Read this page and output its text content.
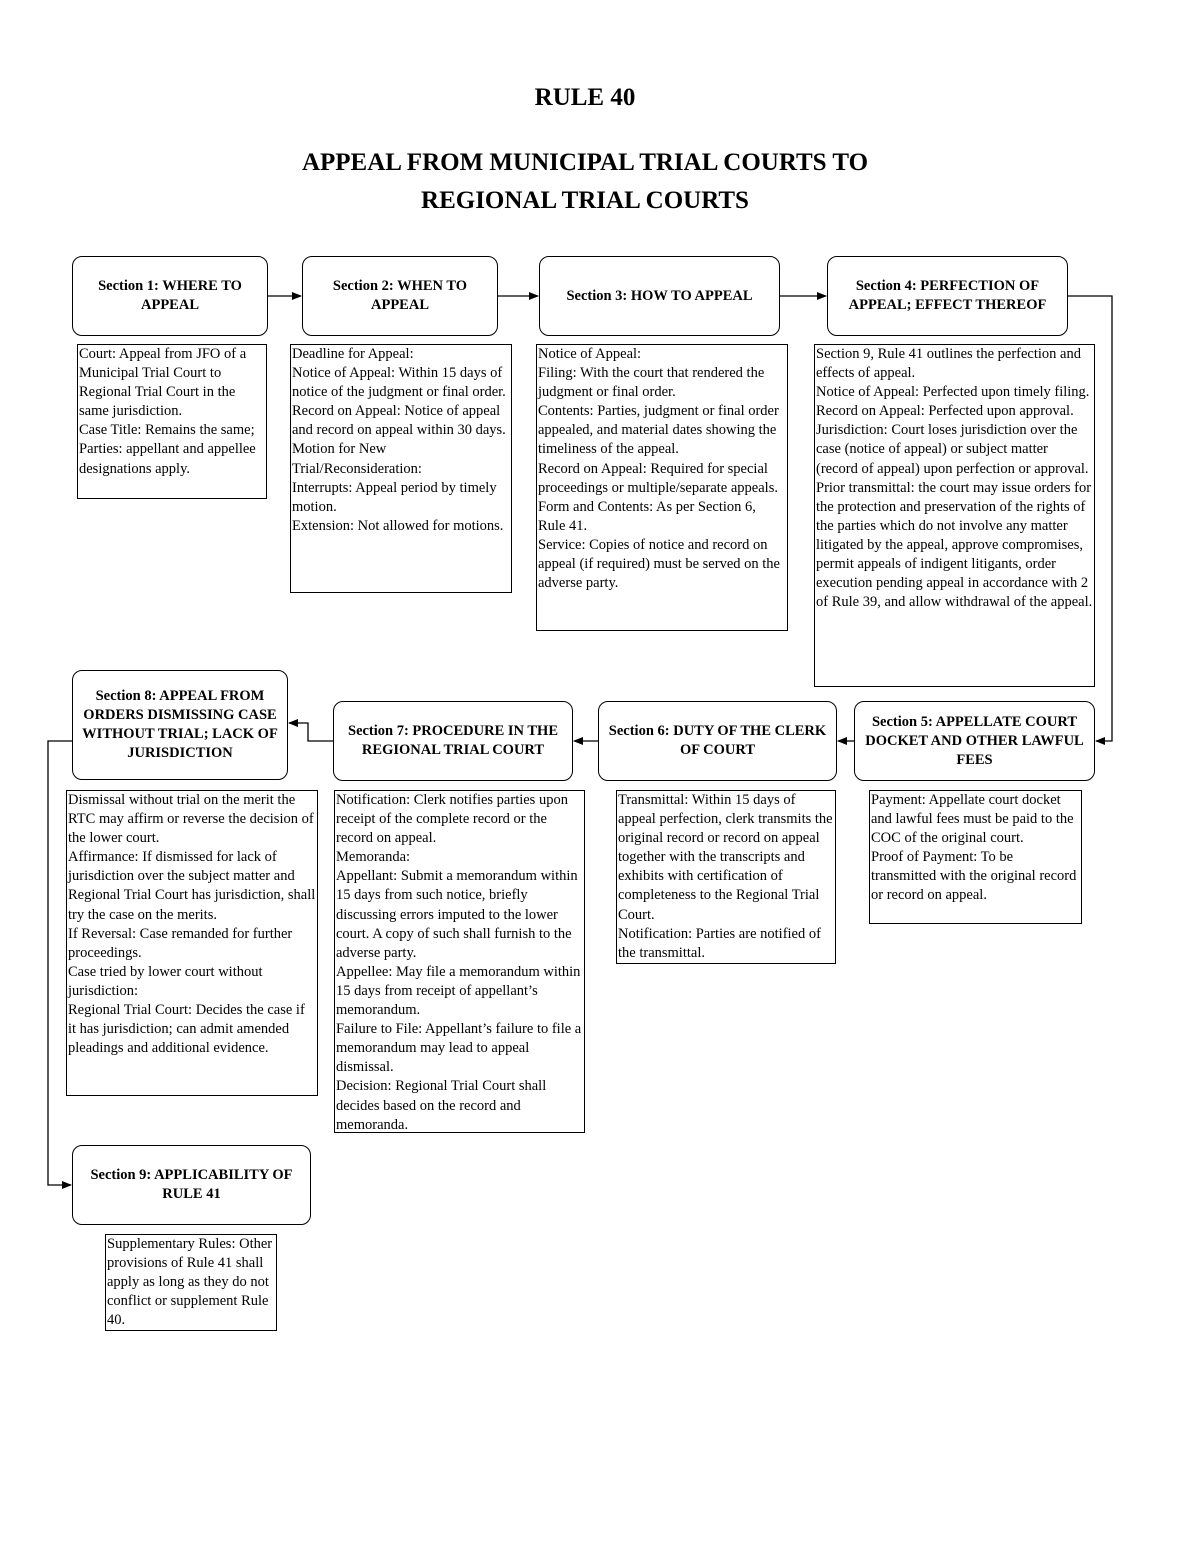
RULE 40
APPEAL FROM MUNICIPAL TRIAL COURTS TO
REGIONAL TRIAL COURTS
Section 1: WHERE TO APPEAL
Court: Appeal from JFO of a Municipal Trial Court to Regional Trial Court in the same jurisdiction.
Case Title: Remains the same;
Parties: appellant and appellee designations apply.
Section 2: WHEN TO APPEAL
Deadline for Appeal:
Notice of Appeal: Within 15 days of notice of the judgment or final order.
Record on Appeal: Notice of appeal and record on appeal within 30 days.
Motion for New Trial/Reconsideration:
Interrupts: Appeal period by timely motion.
Extension: Not allowed for motions.
Section 3: HOW TO APPEAL
Notice of Appeal:
Filing: With the court that rendered the judgment or final order.
Contents: Parties, judgment or final order appealed, and material dates showing the timeliness of the appeal.
Record on Appeal: Required for special proceedings or multiple/separate appeals.
Form and Contents: As per Section 6, Rule 41.
Service: Copies of notice and record on appeal (if required) must be served on the adverse party.
Section 4: PERFECTION OF APPEAL; EFFECT THEREOF
Section 9, Rule 41 outlines the perfection and effects of appeal.
Notice of Appeal: Perfected upon timely filing.
Record on Appeal: Perfected upon approval.
Jurisdiction: Court loses jurisdiction over the case (notice of appeal) or subject matter (record of appeal) upon perfection or approval.
Prior transmittal: the court may issue orders for the protection and preservation of the rights of the parties which do not involve any matter litigated by the appeal, approve compromises, permit appeals of indigent litigants, order execution pending appeal in accordance with 2 of Rule 39, and allow withdrawal of the appeal.
Section 5: APPELLATE COURT DOCKET AND OTHER LAWFUL FEES
Payment: Appellate court docket and lawful fees must be paid to the COC of the original court.
Proof of Payment: To be transmitted with the original record or record on appeal.
Section 6: DUTY OF THE CLERK OF COURT
Transmittal: Within 15 days of appeal perfection, clerk transmits the original record or record on appeal together with the transcripts and exhibits with certification of completeness to the Regional Trial Court.
Notification: Parties are notified of the transmittal.
Section 7: PROCEDURE IN THE REGIONAL TRIAL COURT
Notification: Clerk notifies parties upon receipt of the complete record or the record on appeal.
Memoranda:
Appellant: Submit a memorandum within 15 days from such notice, briefly discussing errors imputed to the lower court. A copy of such shall furnish to the adverse party.
Appellee: May file a memorandum within 15 days from receipt of appellant’s memorandum.
Failure to File: Appellant’s failure to file a memorandum may lead to appeal dismissal.
Decision: Regional Trial Court shall decides based on the record and memoranda.
Section 8: APPEAL FROM ORDERS DISMISSING CASE WITHOUT TRIAL; LACK OF JURISDICTION
Dismissal without trial on the merit the RTC may affirm or reverse the decision of the lower court.
Affirmance: If dismissed for lack of jurisdiction over the subject matter and Regional Trial Court has jurisdiction, shall try the case on the merits.
If Reversal: Case remanded for further proceedings.
Case tried by lower court without jurisdiction:
Regional Trial Court: Decides the case if it has jurisdiction; can admit amended pleadings and additional evidence.
Section 9: APPLICABILITY OF RULE 41
Supplementary Rules: Other provisions of Rule 41 shall apply as long as they do not conflict or supplement Rule 40.
